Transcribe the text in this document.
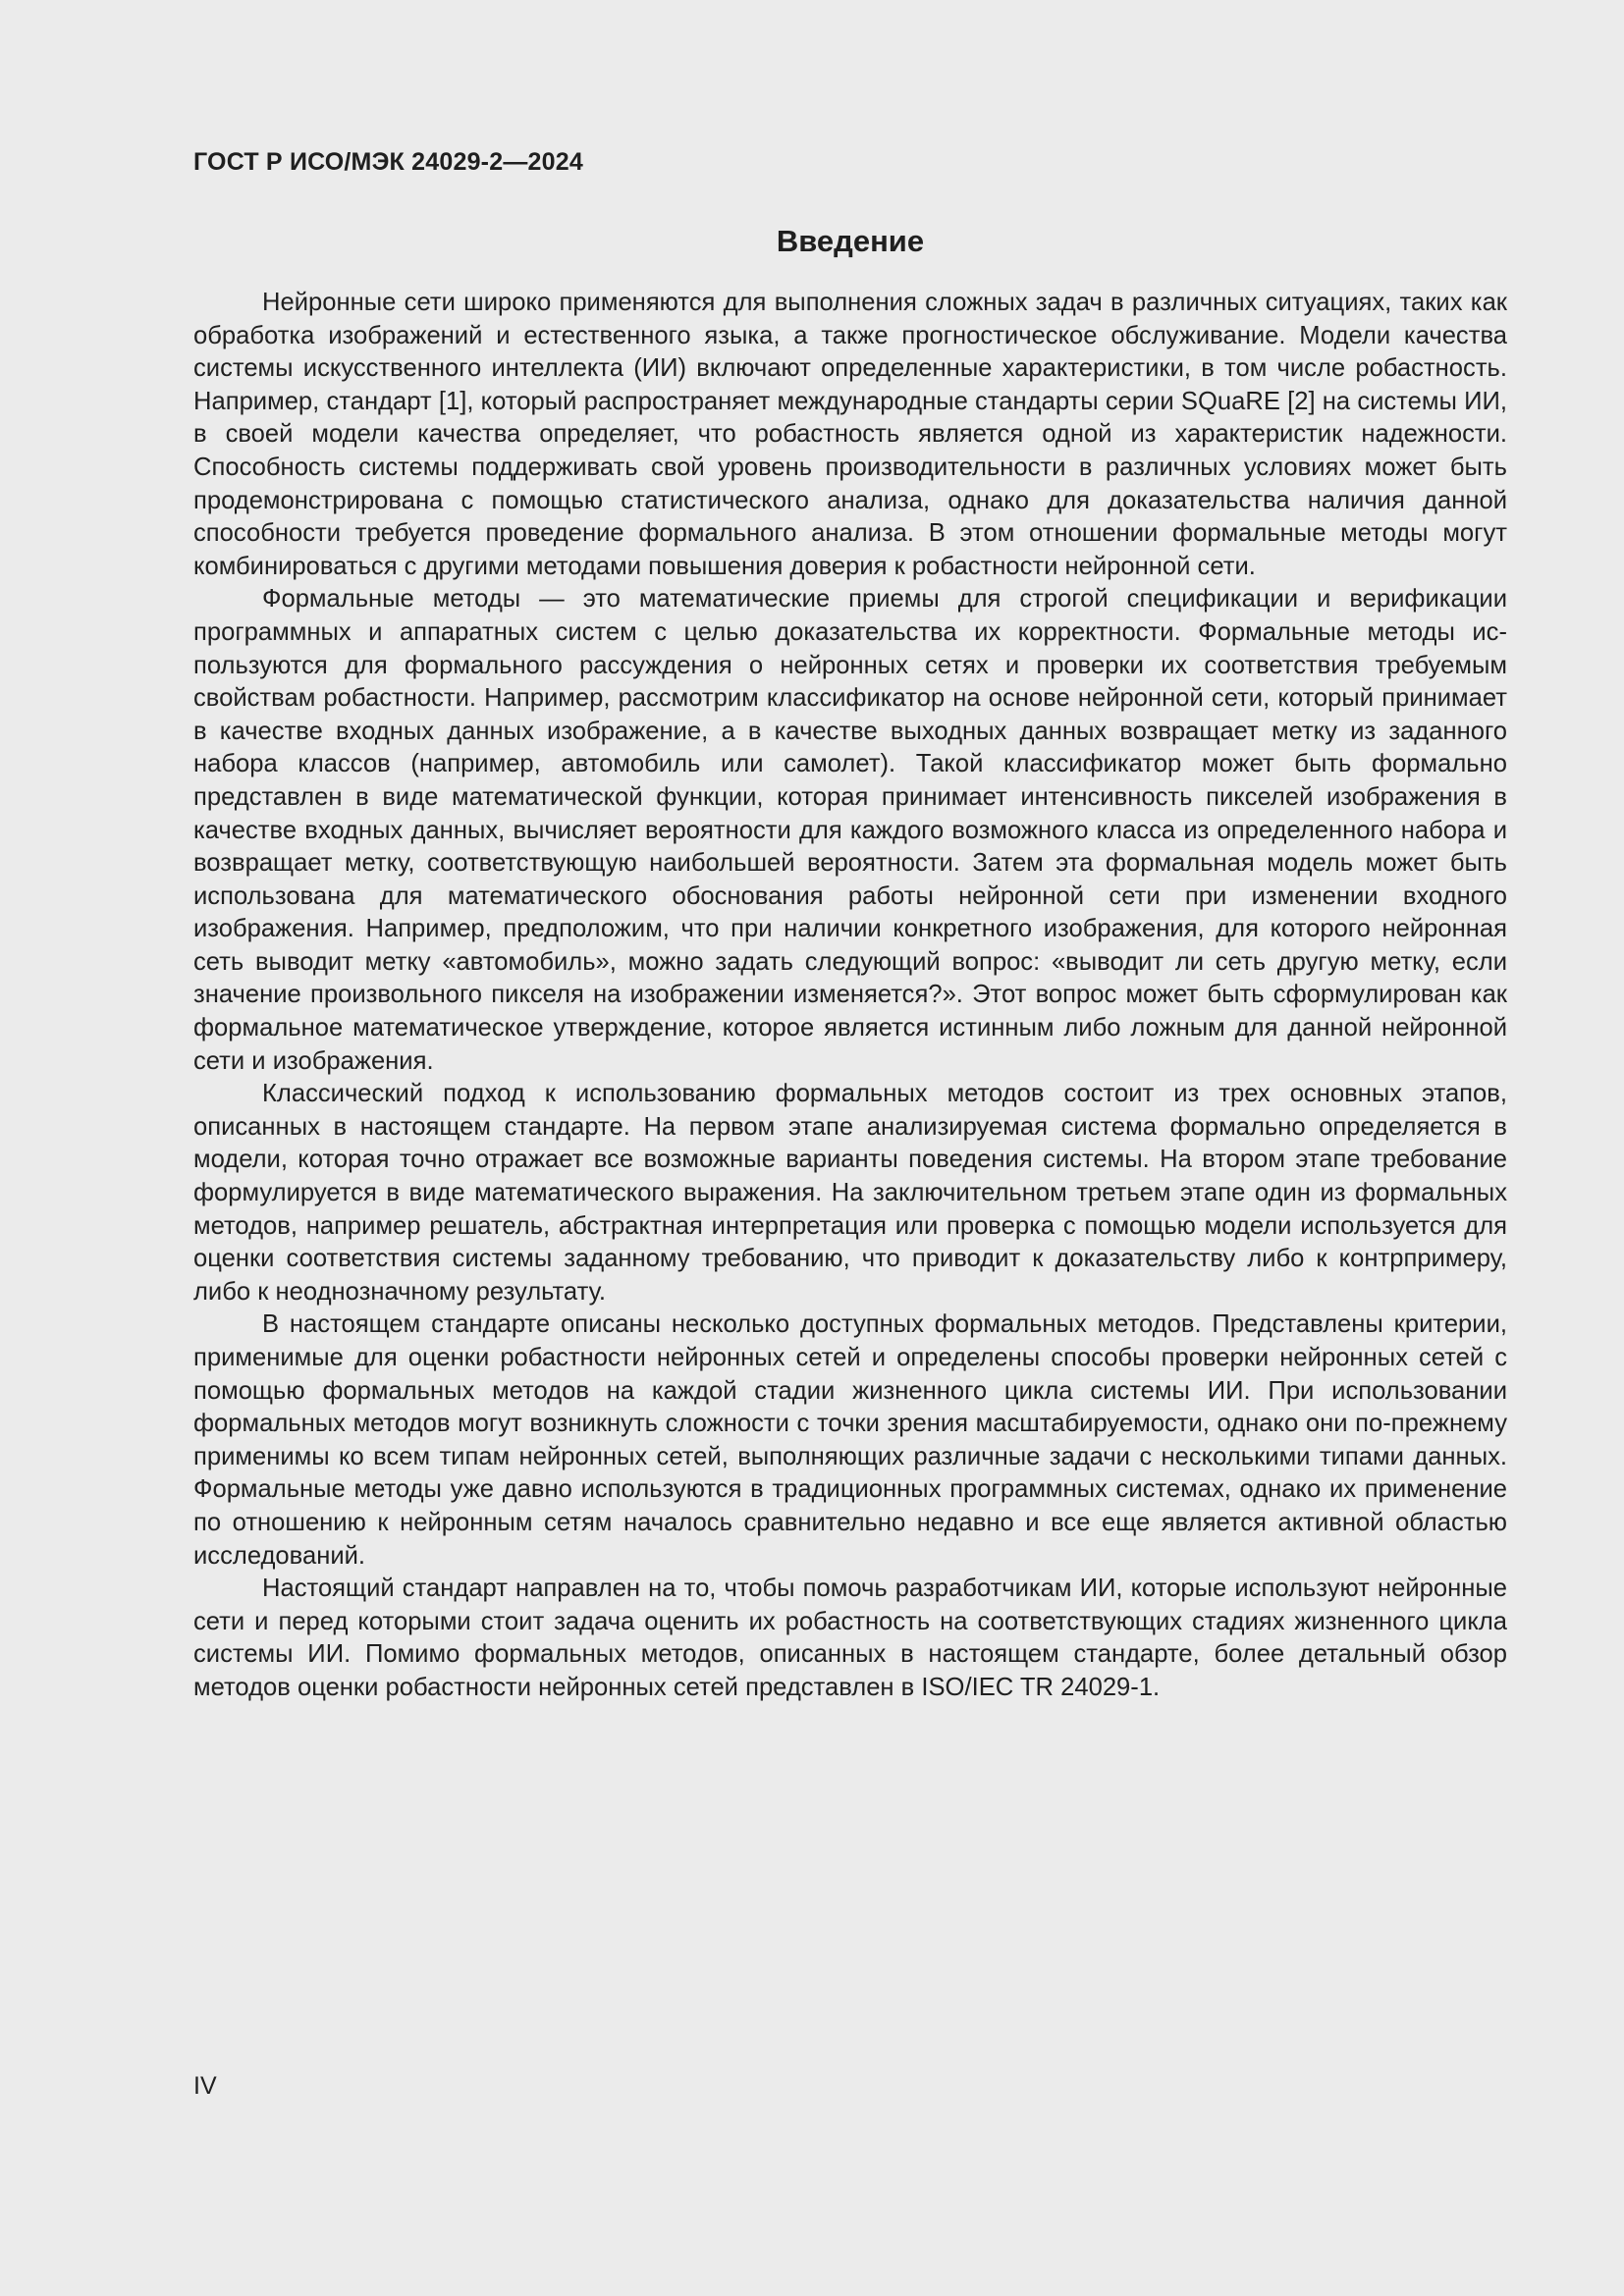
ГОСТ Р ИСО/МЭК 24029-2—2024
Введение

Нейронные сети широко применяются для выполнения сложных задач в различных ситуациях, таких как обработка изображений и естественного языка, а также прогностическое обслуживание. Модели качества системы искусственного интеллекта (ИИ) включают определенные характеристики, в том числе робастность. Например, стандарт [1], который распространяет международные стандарты серии SQuaRE [2] на системы ИИ, в своей модели качества определяет, что робастность является одной из характеристик надежности. Способность системы поддерживать свой уровень производительности в различных условиях может быть продемонстрирована с помощью статистического анализа, однако для доказательства наличия данной способности требуется проведение формального анализа. В этом отношении формальные методы могут комбинироваться с другими методами повышения доверия к робастности нейронной сети.

Формальные методы — это математические приемы для строгой спецификации и верификации программных и аппаратных систем с целью доказательства их корректности. Формальные методы используются для формального рассуждения о нейронных сетях и проверки их соответствия требуемым свойствам робастности. Например, рассмотрим классификатор на основе нейронной сети, который принимает в качестве входных данных изображение, а в качестве выходных данных возвращает метку из заданного набора классов (например, автомобиль или самолет). Такой классификатор может быть формально представлен в виде математической функции, которая принимает интенсивность пикселей изображения в качестве входных данных, вычисляет вероятности для каждого возможного класса из определенного набора и возвращает метку, соответствующую наибольшей вероятности. Затем эта формальная модель может быть использована для математического обоснования работы нейронной сети при изменении входного изображения. Например, предположим, что при наличии конкретного изображения, для которого нейронная сеть выводит метку «автомобиль», можно задать следующий вопрос: «выводит ли сеть другую метку, если значение произвольного пикселя на изображении изменяется?». Этот вопрос может быть сформулирован как формальное математическое утверждение, которое является истинным либо ложным для данной нейронной сети и изображения.

Классический подход к использованию формальных методов состоит из трех основных этапов, описанных в настоящем стандарте. На первом этапе анализируемая система формально определяется в модели, которая точно отражает все возможные варианты поведения системы. На втором этапе требование формулируется в виде математического выражения. На заключительном третьем этапе один из формальных методов, например решатель, абстрактная интерпретация или проверка с помощью модели используется для оценки соответствия системы заданному требованию, что приводит к доказательству либо к контрпримеру, либо к неоднозначному результату.

В настоящем стандарте описаны несколько доступных формальных методов. Представлены критерии, применимые для оценки робастности нейронных сетей и определены способы проверки нейронных сетей с помощью формальных методов на каждой стадии жизненного цикла системы ИИ. При использовании формальных методов могут возникнуть сложности с точки зрения масштабируемости, однако они по-прежнему применимы ко всем типам нейронных сетей, выполняющих различные задачи с несколькими типами данных. Формальные методы уже давно используются в традиционных программных системах, однако их применение по отношению к нейронным сетям началось сравнительно недавно и все еще является активной областью исследований.

Настоящий стандарт направлен на то, чтобы помочь разработчикам ИИ, которые используют нейронные сети и перед которыми стоит задача оценить их робастность на соответствующих стадиях жизненного цикла системы ИИ. Помимо формальных методов, описанных в настоящем стандарте, более детальный обзор методов оценки робастности нейронных сетей представлен в ISO/IEC TR 24029-1.

IV
